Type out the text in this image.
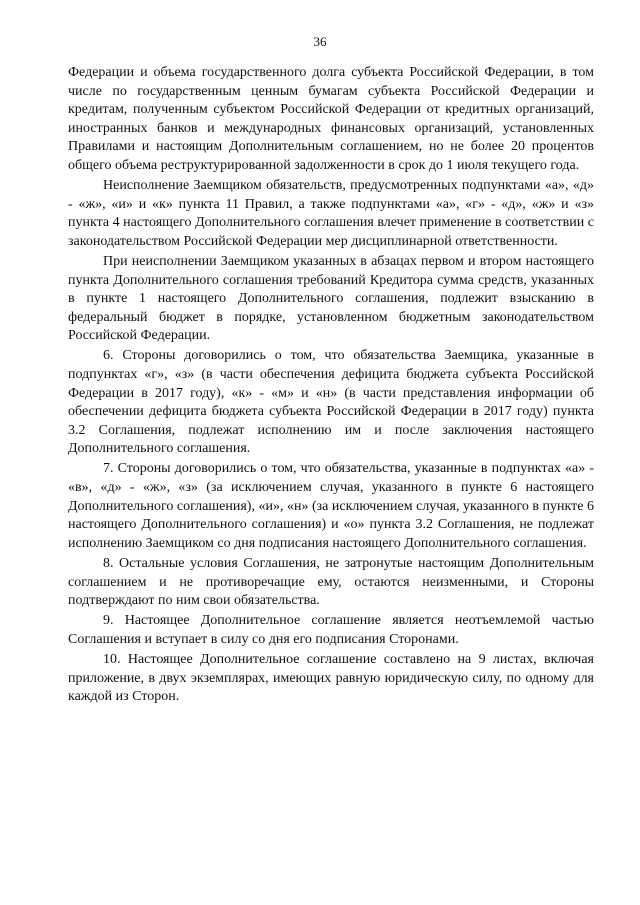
36

Федерации и объема государственного долга субъекта Российской Федерации, в том числе по государственным ценным бумагам субъекта Российской Федерации и кредитам, полученным субъектом Российской Федерации от кредитных организаций, иностранных банков и международных финансовых организаций, установленных Правилами и настоящим Дополнительным соглашением, но не более 20 процентов общего объема реструктурированной задолженности в срок до 1 июля текущего года.

Неисполнение Заемщиком обязательств, предусмотренных подпунктами «а», «д» - «ж», «и» и «к» пункта 11 Правил, а также подпунктами «а», «г» - «д», «ж» и «з» пункта 4 настоящего Дополнительного соглашения влечет применение в соответствии с законодательством Российской Федерации мер дисциплинарной ответственности.

При неисполнении Заемщиком указанных в абзацах первом и втором настоящего пункта Дополнительного соглашения требований Кредитора сумма средств, указанных в пункте 1 настоящего Дополнительного соглашения, подлежит взысканию в федеральный бюджет в порядке, установленном бюджетным законодательством Российской Федерации.

6. Стороны договорились о том, что обязательства Заемщика, указанные в подпунктах «г», «з» (в части обеспечения дефицита бюджета субъекта Российской Федерации в 2017 году), «к» - «м» и «н» (в части представления информации об обеспечении дефицита бюджета субъекта Российской Федерации в 2017 году) пункта 3.2 Соглашения, подлежат исполнению им и после заключения настоящего Дополнительного соглашения.

7. Стороны договорились о том, что обязательства, указанные в подпунктах «а» - «в», «д» - «ж», «з» (за исключением случая, указанного в пункте 6 настоящего Дополнительного соглашения), «и», «н» (за исключением случая, указанного в пункте 6 настоящего Дополнительного соглашения) и «о» пункта 3.2 Соглашения, не подлежат исполнению Заемщиком со дня подписания настоящего Дополнительного соглашения.

8. Остальные условия Соглашения, не затронутые настоящим Дополнительным соглашением и не противоречащие ему, остаются неизменными, и Стороны подтверждают по ним свои обязательства.

9. Настоящее Дополнительное соглашение является неотъемлемой частью Соглашения и вступает в силу со дня его подписания Сторонами.

10. Настоящее Дополнительное соглашение составлено на 9 листах, включая приложение, в двух экземплярах, имеющих равную юридическую силу, по одному для каждой из Сторон.
